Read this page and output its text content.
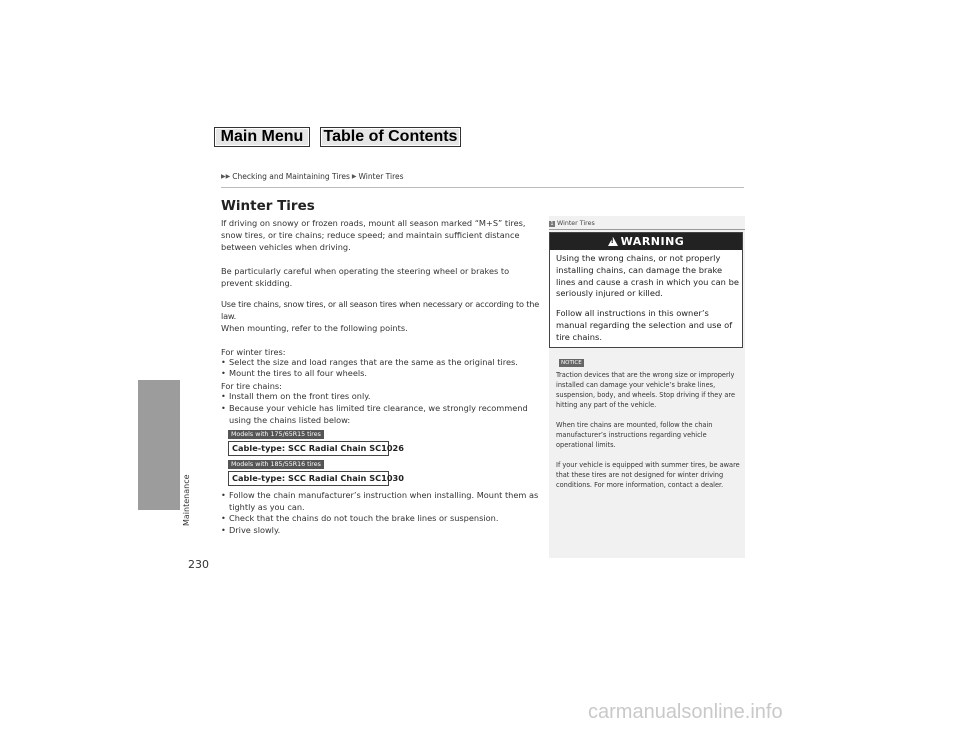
Main Menu	Table of Contents
▶▶ Checking and Maintaining Tires ▶ Winter Tires
Maintenance
230
Winter Tires
If driving on snowy or frozen roads, mount all season marked “M+S” tires, snow tires, or tire chains; reduce speed; and maintain sufficient distance between vehicles when driving.
Be particularly careful when operating the steering wheel or brakes to prevent skidding.
Use tire chains, snow tires, or all season tires when necessary or according to the law.
When mounting, refer to the following points.
For winter tires:
• Select the size and load ranges that are the same as the original tires.
• Mount the tires to all four wheels.
For tire chains:
• Install them on the front tires only.
• Because your vehicle has limited tire clearance, we strongly recommend using the chains listed below:
Models with 175/65R15 tires
Cable-type: SCC Radial Chain SC1026
Models with 185/55R16 tires
Cable-type: SCC Radial Chain SC1030
• Follow the chain manufacturer’s instruction when installing. Mount them as tightly as you can.
• Check that the chains do not touch the brake lines or suspension.
• Drive slowly.
1 Winter Tires
!
WARNING
Using the wrong chains, or not properly installing chains, can damage the brake lines and cause a crash in which you can be seriously injured or killed.
Follow all instructions in this owner’s manual regarding the selection and use of tire chains.
NOTICE
Traction devices that are the wrong size or improperly installed can damage your vehicle’s brake lines, suspension, body, and wheels. Stop driving if they are hitting any part of the vehicle.
When tire chains are mounted, follow the chain manufacturer’s instructions regarding vehicle operational limits.
If your vehicle is equipped with summer tires, be aware that these tires are not designed for winter driving conditions. For more information, contact a dealer.
carmanualsonline.info
